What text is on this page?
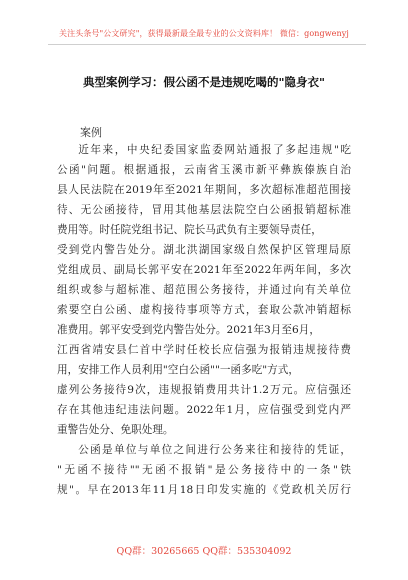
关注头条号"公文研究"，获得最新最全最专业的公文资料库！ 微信：gongwenyj
典型案例学习：假公函不是违规吃喝的"隐身衣"
案例
近年来，中央纪委国家监委网站通报了多起违规"吃
公函"问题。根据通报，云南省玉溪市新平彝族傣族自治
县人民法院在2019年至2021年期间，多次超标准超范围接
待、无公函接待，冒用其他基层法院空白公函报销超标准
费用等。时任院党组书记、院长马武负有主要领导责任，
受到党内警告处分。湖北洪湖国家级自然保护区管理局原
党组成员、副局长郭平安在2021年至2022年两年间，多次
组织或参与超标准、超范围公务接待，并通过向有关单位
索要空白公函、虚构接待事项等方式，套取公款冲销超标
准费用。郭平安受到党内警告处分。2021年3月至6月，
江西省靖安县仁首中学时任校长应信强为报销违规接待费
用，安排工作人员利用"空白公函""一函多吃"方式，
虚列公务接待9次，违规报销费用共计1.2万元。应信强还
存在其他违纪违法问题。2022年1月，应信强受到党内严
重警告处分、免职处理。
公函是单位与单位之间进行公务来往和接待的凭证，
"无函不接待""无函不报销"是公务接待中的一条"铁
规"。早在2013年11月18日印发实施的《党政机关厉行
QQ群：30265665 QQ群：535304092
